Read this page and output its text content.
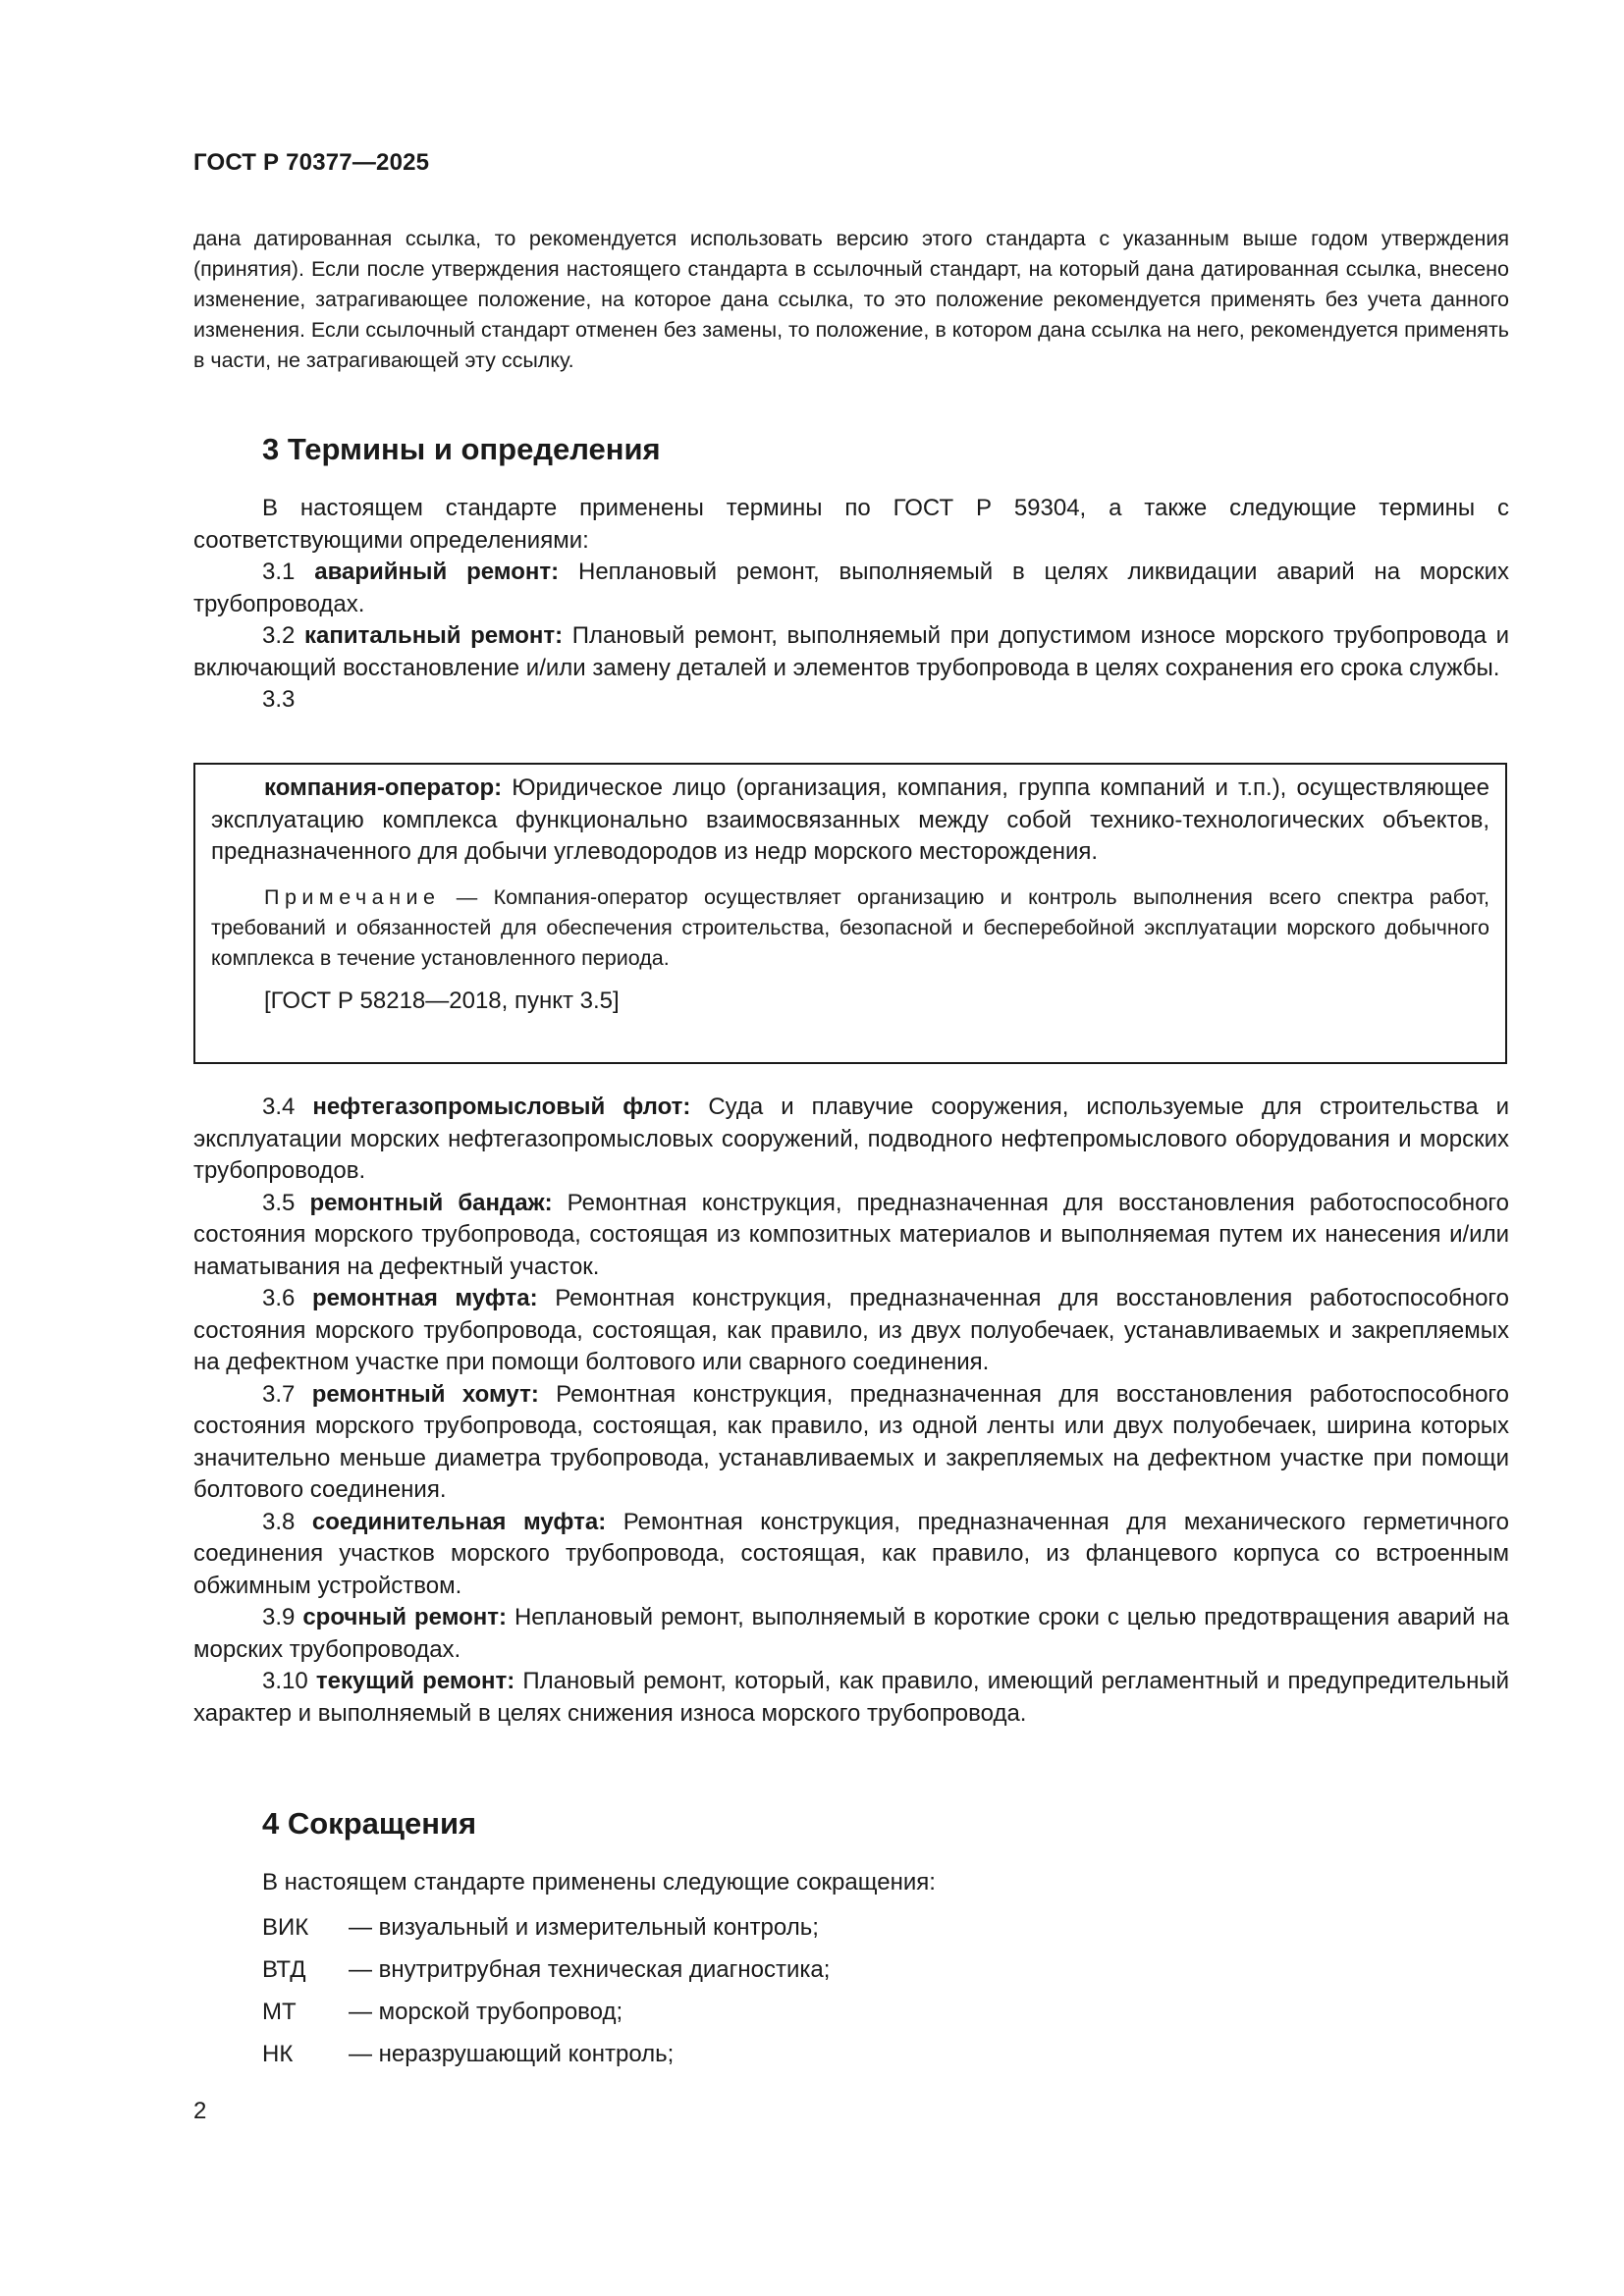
ГОСТ Р 70377—2025

дана датированная ссылка, то рекомендуется использовать версию этого стандарта с указанным выше годом утверждения (принятия). Если после утверждения настоящего стандарта в ссылочный стандарт, на который дана датированная ссылка, внесено изменение, затрагивающее положение, на которое дана ссылка, то это положение рекомендуется применять без учета данного изменения. Если ссылочный стандарт отменен без замены, то положение, в котором дана ссылка на него, рекомендуется применять в части, не затрагивающей эту ссылку.

3 Термины и определения

В настоящем стандарте применены термины по ГОСТ Р 59304, а также следующие термины с соответствующими определениями:

3.1 аварийный ремонт: Неплановый ремонт, выполняемый в целях ликвидации аварий на морских трубопроводах.

3.2 капитальный ремонт: Плановый ремонт, выполняемый при допустимом износе морского трубопровода и включающий восстановление и/или замену деталей и элементов трубопровода в целях сохранения его срока службы.

3.3

компания-оператор: Юридическое лицо (организация, компания, группа компаний и т.п.), осуществляющее эксплуатацию комплекса функционально взаимосвязанных между собой технико-технологических объектов, предназначенного для добычи углеводородов из недр морского месторождения.

Примечание — Компания-оператор осуществляет организацию и контроль выполнения всего спектра работ, требований и обязанностей для обеспечения строительства, безопасной и бесперебойной эксплуатации морского добычного комплекса в течение установленного периода.

[ГОСТ Р 58218—2018, пункт 3.5]

3.4 нефтегазопромысловый флот: Суда и плавучие сооружения, используемые для строительства и эксплуатации морских нефтегазопромысловых сооружений, подводного нефтепромыслового оборудования и морских трубопроводов.

3.5 ремонтный бандаж: Ремонтная конструкция, предназначенная для восстановления работоспособного состояния морского трубопровода, состоящая из композитных материалов и выполняемая путем их нанесения и/или наматывания на дефектный участок.

3.6 ремонтная муфта: Ремонтная конструкция, предназначенная для восстановления работоспособного состояния морского трубопровода, состоящая, как правило, из двух полуобечаек, устанавливаемых и закрепляемых на дефектном участке при помощи болтового или сварного соединения.

3.7 ремонтный хомут: Ремонтная конструкция, предназначенная для восстановления работоспособного состояния морского трубопровода, состоящая, как правило, из одной ленты или двух полуобечаек, ширина которых значительно меньше диаметра трубопровода, устанавливаемых и закрепляемых на дефектном участке при помощи болтового соединения.

3.8 соединительная муфта: Ремонтная конструкция, предназначенная для механического герметичного соединения участков морского трубопровода, состоящая, как правило, из фланцевого корпуса со встроенным обжимным устройством.

3.9 срочный ремонт: Неплановый ремонт, выполняемый в короткие сроки с целью предотвращения аварий на морских трубопроводах.

3.10 текущий ремонт: Плановый ремонт, который, как правило, имеющий регламентный и предупредительный характер и выполняемый в целях снижения износа морского трубопровода.

4 Сокращения

В настоящем стандарте применены следующие сокращения:

ВИК	— визуальный и измерительный контроль;
ВТД	— внутритрубная техническая диагностика;
МТ	— морской трубопровод;
НК	— неразрушающий контроль;
2
